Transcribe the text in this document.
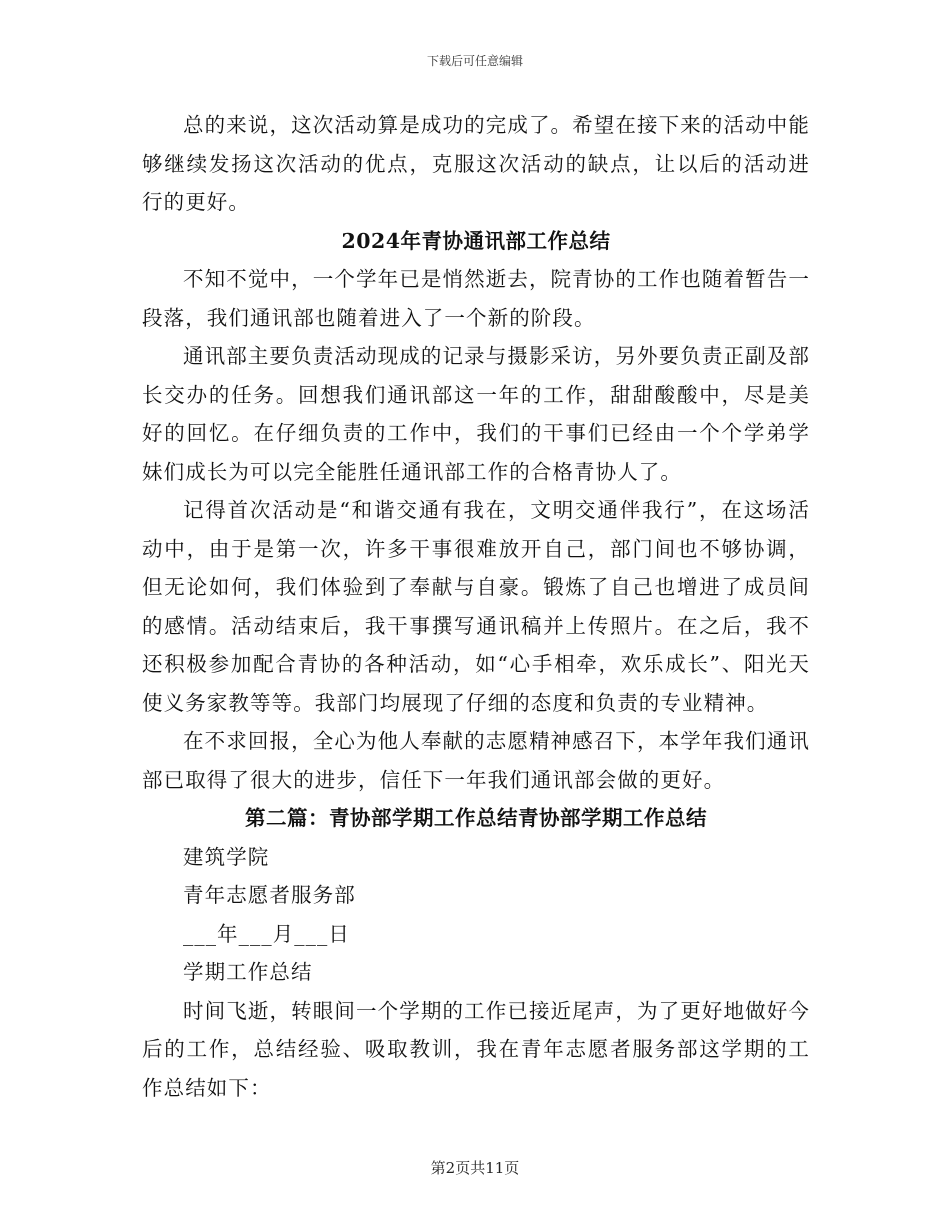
下载后可任意编辑

总的来说，这次活动算是成功的完成了。希望在接下来的活动中能够继续发扬这次活动的优点，克服这次活动的缺点，让以后的活动进行的更好。

2024年青协通讯部工作总结

不知不觉中，一个学年已是悄然逝去，院青协的工作也随着暂告一段落，我们通讯部也随着进入了一个新的阶段。

通讯部主要负责活动现成的记录与摄影采访，另外要负责正副及部长交办的任务。回想我们通讯部这一年的工作，甜甜酸酸中，尽是美好的回忆。在仔细负责的工作中，我们的干事们已经由一个个学弟学妹们成长为可以完全能胜任通讯部工作的合格青协人了。

记得首次活动是“和谐交通有我在，文明交通伴我行”，在这场活动中，由于是第一次，许多干事很难放开自己，部门间也不够协调，但无论如何，我们体验到了奉献与自豪。锻炼了自己也增进了成员间的感情。活动结束后，我干事撰写通讯稿并上传照片。在之后，我不还积极参加配合青协的各种活动，如“心手相牵，欢乐成长”、阳光天使义务家教等等。我部门均展现了仔细的态度和负责的专业精神。

在不求回报，全心为他人奉献的志愿精神感召下，本学年我们通讯部已取得了很大的进步，信任下一年我们通讯部会做的更好。

第二篇：青协部学期工作总结青协部学期工作总结

建筑学院

青年志愿者服务部

___年___月___日

学期工作总结

时间飞逝，转眼间一个学期的工作已接近尾声，为了更好地做好今后的工作，总结经验、吸取教训，我在青年志愿者服务部这学期的工作总结如下：

第2页共11页
